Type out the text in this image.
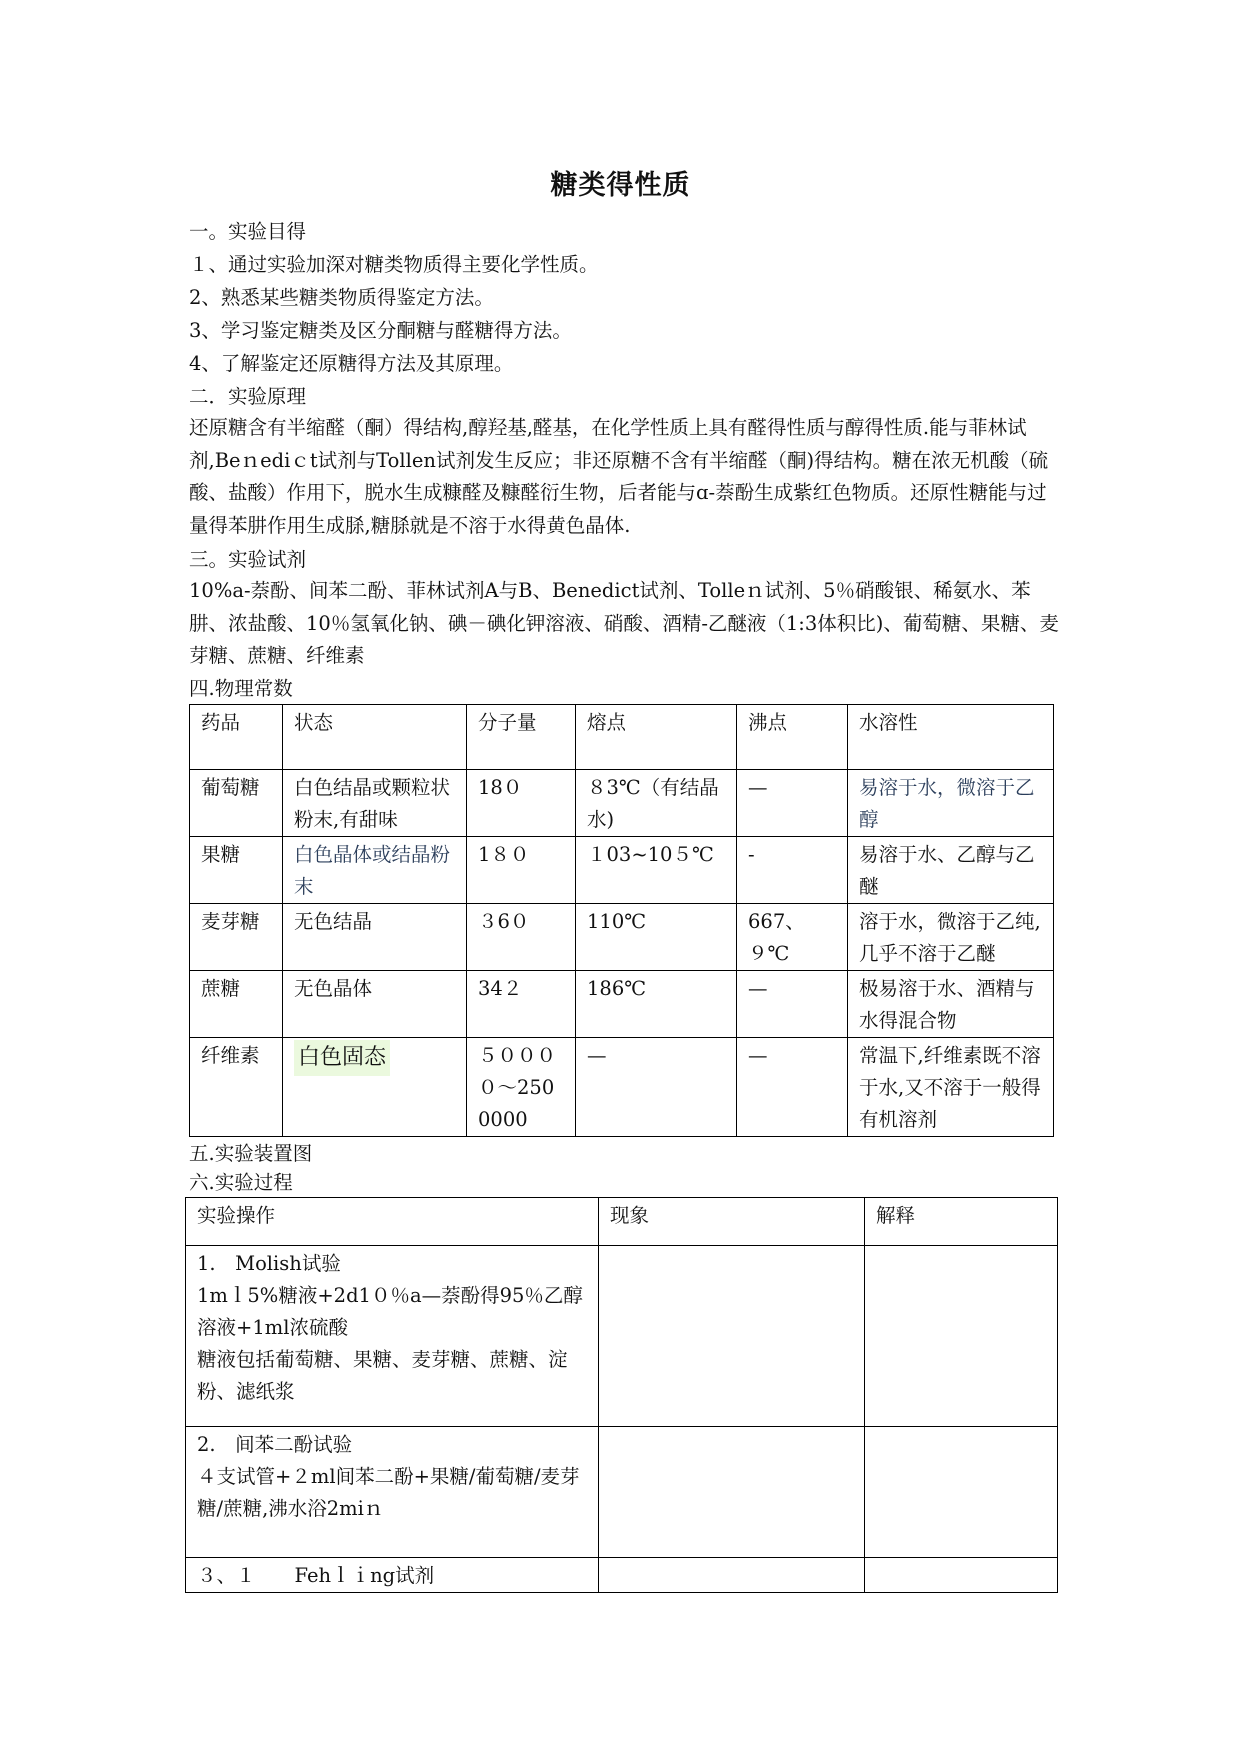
糖类得性质
一。实验目得
１、通过实验加深对糖类物质得主要化学性质。
2、熟悉某些糖类物质得鉴定方法。
3、学习鉴定糖类及区分酮糖与醛糖得方法。
4、了解鉴定还原糖得方法及其原理。
二．实验原理
还原糖含有半缩醛（酮）得结构,醇羟基,醛基，在化学性质上具有醛得性质与醇得性质.能与菲林试剂,Beｎediｃt试剂与Tollen试剂发生反应；非还原糖不含有半缩醛（酮)得结构。糖在浓无机酸（硫酸、盐酸）作用下，脱水生成糠醛及糠醛衍生物，后者能与ɑ-萘酚生成紫红色物质。还原性糖能与过量得苯肼作用生成脎,糖脎就是不溶于水得黄色晶体.
三。实验试剂
10%a-萘酚、间苯二酚、菲林试剂A与B、Benedict试剂、Tolleｎ试剂、5％硝酸银、稀氨水、苯肼、浓盐酸、10％氢氧化钠、碘－碘化钾溶液、硝酸、酒精-乙醚液（1:3体积比)、葡萄糖、果糖、麦芽糖、蔗糖、纤维素
四.物理常数
药品	状态	分子量	熔点	沸点	水溶性
葡萄糖	白色结晶或颗粒状粉末,有甜味	18０	８3℃（有结晶水)	—	易溶于水，微溶于乙醇
果糖	白色晶体或结晶粉末	1８０	１03~10５℃	-	易溶于水、乙醇与乙醚
麦芽糖	无色结晶	３6０	110℃	667、９℃	溶于水，微溶于乙纯,几乎不溶于乙醚
蔗糖	无色晶体	34２	186℃	—	极易溶于水、酒精与水得混合物
纤维素	白色固态	５００００～2500000	—	—	常温下,纤维素既不溶于水,又不溶于一般得有机溶剂
五.实验装置图
六.实验过程
实验操作	现象	解释

1.　Molish试验
1mｌ5%糖液+2d1０％a—萘酚得95％乙醇溶液+1ml浓硫酸
糖液包括葡萄糖、果糖、麦芽糖、蔗糖、淀粉、滤纸浆		

2.　间苯二酚试验
４支试管+２ml间苯二酚+果糖/葡萄糖/麦芽糖/蔗糖,沸水浴2miｎ		

３、１　　Fehｌｉng试剂		
